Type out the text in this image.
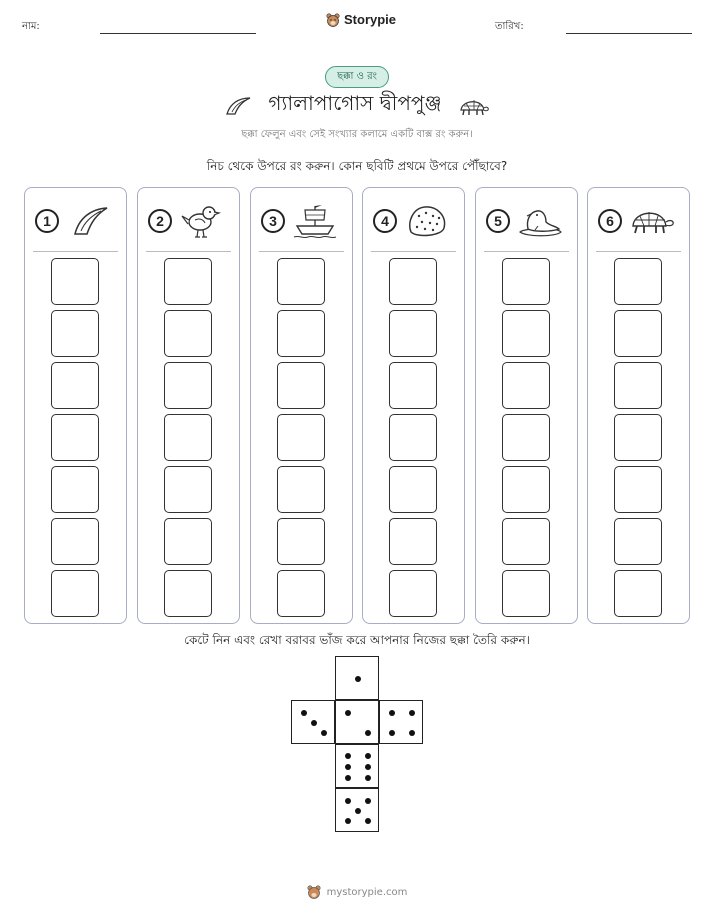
নাম:	Storypie	তারিখ:
ছক্কা ও রং
গ্যালাপাগোস দ্বীপপুঞ্জ
ছক্কা ফেলুন এবং সেই সংখ্যার কলামে একটি বাক্স রং করুন।
নিচ থেকে উপরে রং করুন। কোন ছবিটি প্রথমে উপরে পৌঁছাবে?
1	2	3	4	5	6
কেটে নিন এবং রেখা বরাবর ভাঁজ করে আপনার নিজের ছক্কা তৈরি করুন।
mystorypie.com
